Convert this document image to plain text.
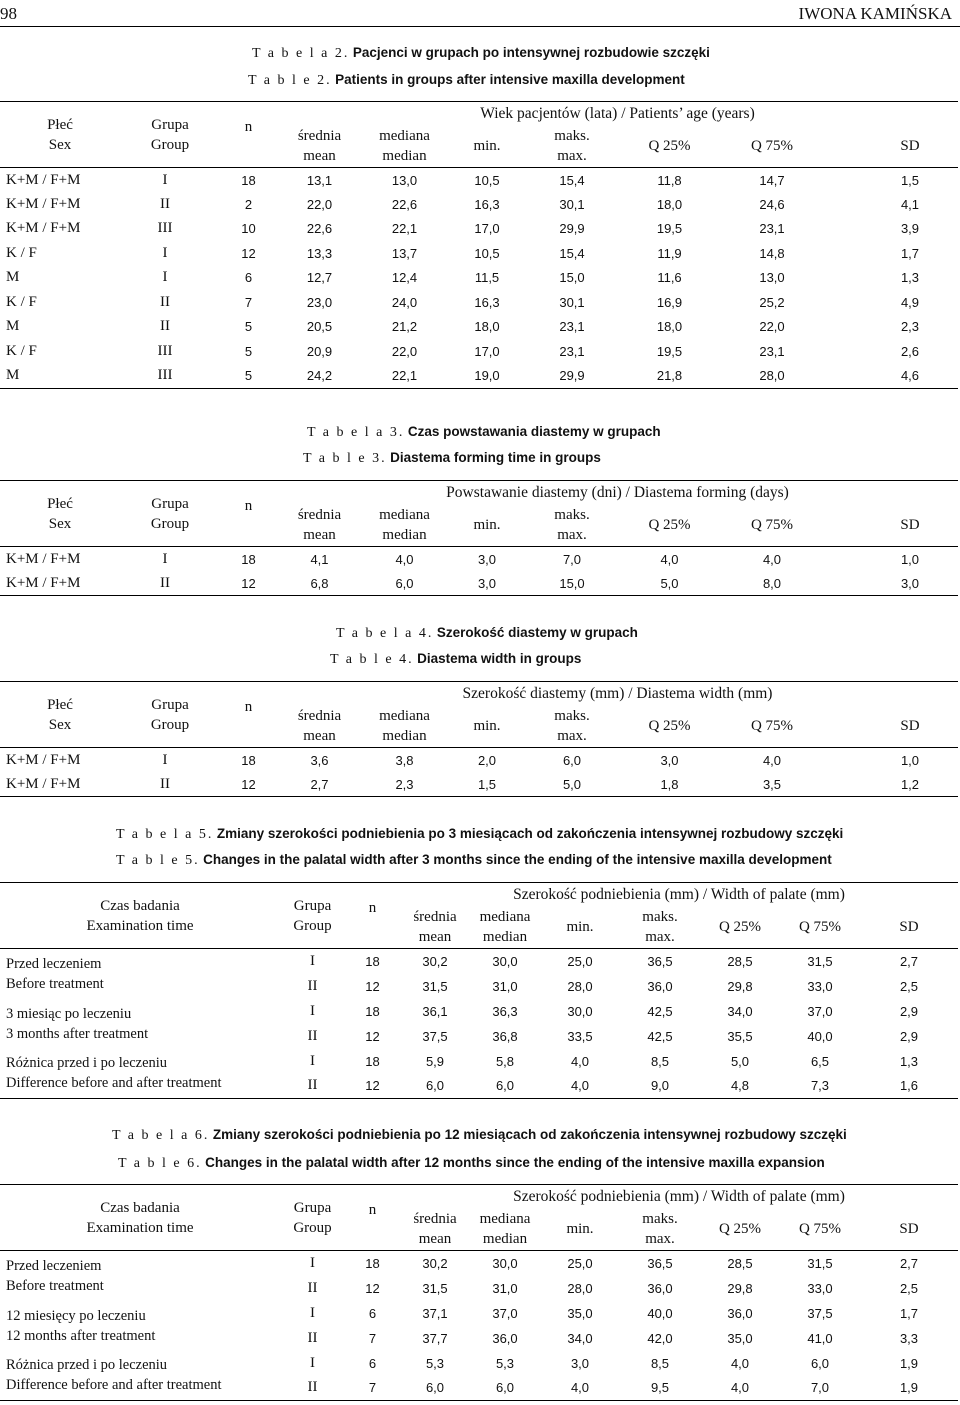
98	IWONA KAMIŃSKA
T a b e l a 2. Pacjenci w grupach po intensywnej rozbudowie szczęki
T a b l e 2. Patients in groups after intensive maxilla development
Płeć
Sex	Grupa
Group	n	Wiek pacjentów (lata) / Patients’ age (years)						

			średnia
mean	mediana
median	min.	maks.
max.	Q 25%	Q 75%	SD
K+M / F+M	I	18	13,1	13,0	10,5	15,4	11,8	14,7	1,5
K+M / F+M	II	2	22,0	22,6	16,3	30,1	18,0	24,6	4,1
K+M / F+M	III	10	22,6	22,1	17,0	29,9	19,5	23,1	3,9
K / F	I	12	13,3	13,7	10,5	15,4	11,9	14,8	1,7
M	I	6	12,7	12,4	11,5	15,0	11,6	13,0	1,3
K / F	II	7	23,0	24,0	16,3	30,1	16,9	25,2	4,9
M	II	5	20,5	21,2	18,0	23,1	18,0	22,0	2,3
K / F	III	5	20,9	22,0	17,0	23,1	19,5	23,1	2,6
M	III	5	24,2	22,1	19,0	29,9	21,8	28,0	4,6
T a b e l a 3. Czas powstawania diastemy w grupach
T a b l e 3. Diastema forming time in groups
Płeć
Sex	Grupa
Group	n	Powstawanie diastemy (dni) / Diastema forming (days)						

			średnia
mean	mediana
median	min.	maks.
max.	Q 25%	Q 75%	SD
K+M / F+M	I	18	4,1	4,0	3,0	7,0	4,0	4,0	1,0
K+M / F+M	II	12	6,8	6,0	3,0	15,0	5,0	8,0	3,0
T a b e l a 4. Szerokość diastemy w grupach
T a b l e 4. Diastema width in groups
Płeć
Sex	Grupa
Group	n	Szerokość diastemy (mm) / Diastema width (mm)						

			średnia
mean	mediana
median	min.	maks.
max.	Q 25%	Q 75%	SD
K+M / F+M	I	18	3,6	3,8	2,0	6,0	3,0	4,0	1,0
K+M / F+M	II	12	2,7	2,3	1,5	5,0	1,8	3,5	1,2
T a b e l a 5. Zmiany szerokości podniebienia po 3 miesiącach od zakończenia intensywnej rozbudowy szczęki
T a b l e 5. Changes in the palatal width after 3 months since the ending of the intensive maxilla development
Czas badania
Examination time	Grupa
Group	n	Szerokość podniebienia (mm) / Width of palate (mm)						

			średnia
mean	mediana
median	min.	maks.
max.	Q 25%	Q 75%	SD

Przed leczeniem
Before treatment	I	18	30,2	30,0	25,0	36,5	28,5	31,5	2,7
	II	12	31,5	31,0	28,0	36,0	29,8	33,0	2,5

3 miesiąc po leczeniu
3 months after treatment	I	18	36,1	36,3	30,0	42,5	34,0	37,0	2,9
	II	12	37,5	36,8	33,5	42,5	35,5	40,0	2,9

Różnica przed i po leczeniu
Difference before and after treatment	I	18	5,9	5,8	4,0	8,5	5,0	6,5	1,3
	II	12	6,0	6,0	4,0	9,0	4,8	7,3	1,6
T a b e l a 6. Zmiany szerokości podniebienia po 12 miesiącach od zakończenia intensywnej rozbudowy szczęki
T a b l e 6. Changes in the palatal width after 12 months since the ending of the intensive maxilla expansion
Czas badania
Examination time	Grupa
Group	n	Szerokość podniebienia (mm) / Width of palate (mm)						

			średnia
mean	mediana
median	min.	maks.
max.	Q 25%	Q 75%	SD

Przed leczeniem
Before treatment	I	18	30,2	30,0	25,0	36,5	28,5	31,5	2,7
	II	12	31,5	31,0	28,0	36,0	29,8	33,0	2,5

12 miesięcy po leczeniu
12 months after treatment	I	6	37,1	37,0	35,0	40,0	36,0	37,5	1,7
	II	7	37,7	36,0	34,0	42,0	35,0	41,0	3,3

Różnica przed i po leczeniu
Difference before and after treatment	I	6	5,3	5,3	3,0	8,5	4,0	6,0	1,9
	II	7	6,0	6,0	4,0	9,5	4,0	7,0	1,9
